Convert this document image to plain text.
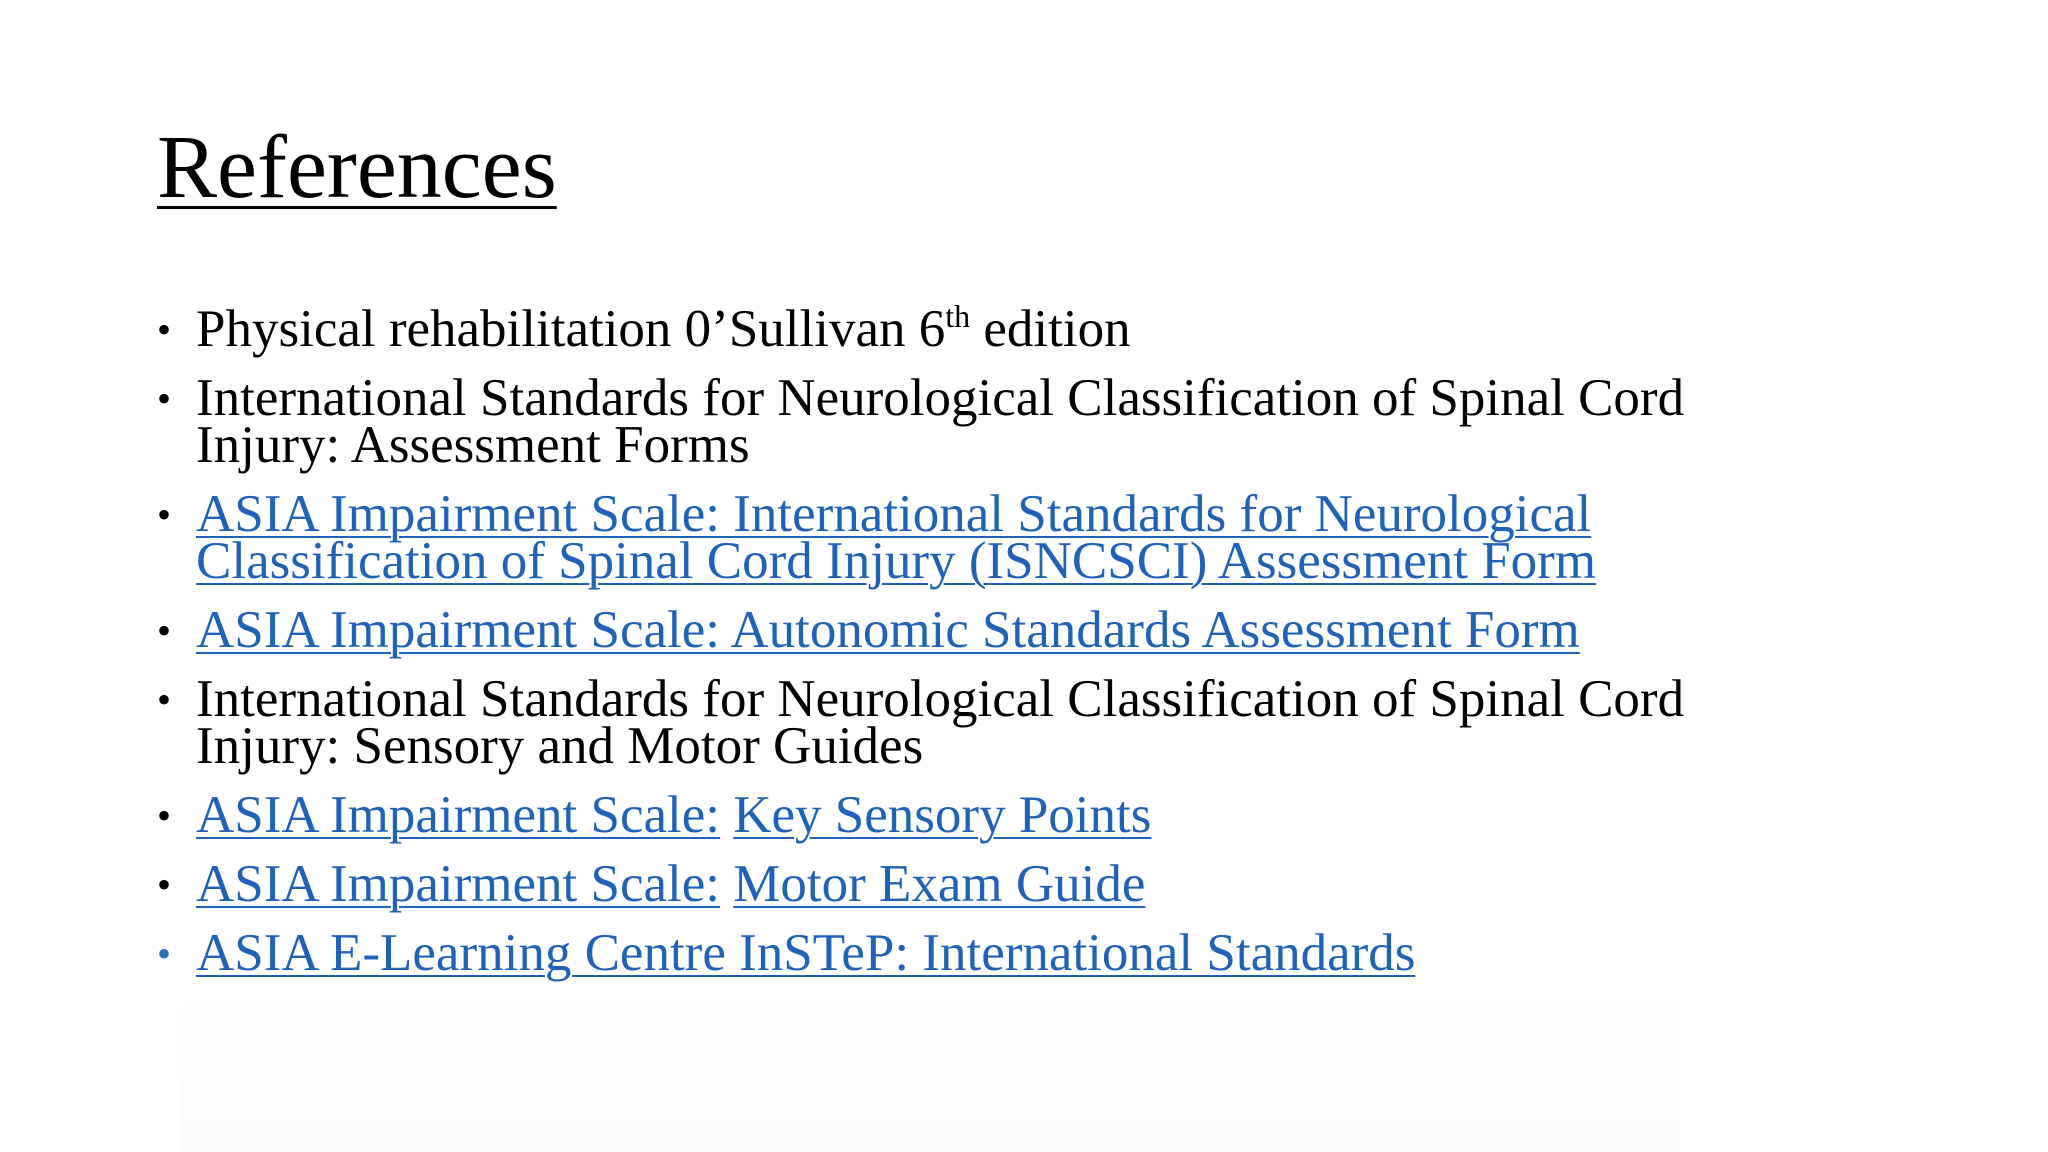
References
• Physical rehabilitation 0’Sullivan 6th edition
• International Standards for Neurological Classification of Spinal Cord
Injury: Assessment Forms
• ASIA Impairment Scale: International Standards for Neurological
Classification of Spinal Cord Injury (ISNCSCI) Assessment Form
• ASIA Impairment Scale: Autonomic Standards Assessment Form
• International Standards for Neurological Classification of Spinal Cord
Injury: Sensory and Motor Guides
• ASIA Impairment Scale: Key Sensory Points
• ASIA Impairment Scale: Motor Exam Guide
• ASIA E-Learning Centre InSTeP: International Standards
